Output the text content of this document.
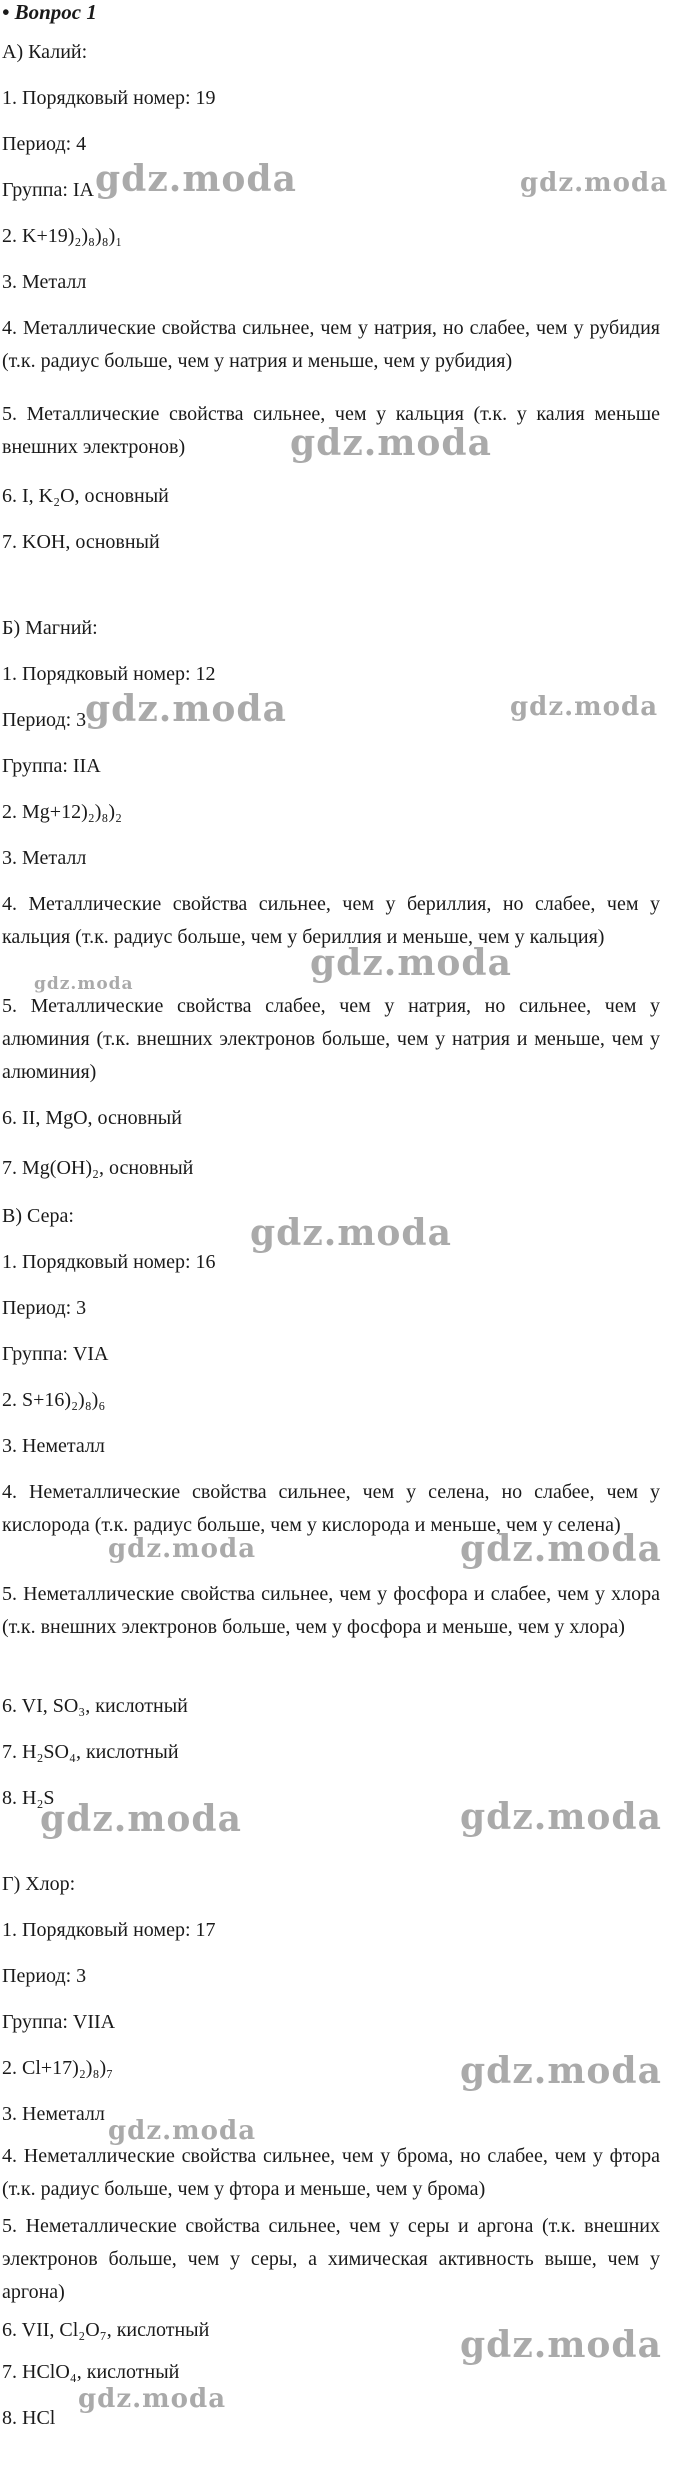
• Вопрос 1
А) Калий:
1. Порядковый номер: 19
Период: 4
Группа: IA
2. K+19)₂)₈)₈)₁
3. Металл
4. Металлические свойства сильнее, чем у натрия, но слабее, чем у рубидия (т.к. радиус больше, чем у натрия и меньше, чем у рубидия)
5. Металлические свойства сильнее, чем у кальция (т.к. у калия меньше внешних электронов)
6. I, K₂O, основный
7. KOH, основный
Б) Магний:
1. Порядковый номер: 12
Период: 3
Группа: IIA
2. Mg+12)₂)₈)₂
3. Металл
4. Металлические свойства сильнее, чем у бериллия, но слабее, чем у кальция (т.к. радиус больше, чем у бериллия и меньше, чем у кальция)
5. Металлические свойства слабее, чем у натрия, но сильнее, чем у алюминия (т.к. внешних электронов больше, чем у натрия и меньше, чем у алюминия)
6. II, MgO, основный
7. Mg(OH)₂, основный
В) Сера:
1. Порядковый номер: 16
Период: 3
Группа: VIA
2. S+16)₂)₈)₆
3. Неметалл
4. Неметаллические свойства сильнее, чем у селена, но слабее, чем у кислорода (т.к. радиус больше, чем у кислорода и меньше, чем у селена)
5. Неметаллические свойства сильнее, чем у фосфора и слабее, чем у хлора (т.к. внешних электронов больше, чем у фосфора и меньше, чем у хлора)
6. VI, SO₃, кислотный
7. H₂SO₄, кислотный
8. H₂S
Г) Хлор:
1. Порядковый номер: 17
Период: 3
Группа: VIIA
2. Cl+17)₂)₈)₇
3. Неметалл
4. Неметаллические свойства сильнее, чем у брома, но слабее, чем у фтора (т.к. радиус больше, чем у фтора и меньше, чем у брома)
5. Неметаллические свойства сильнее, чем у серы и аргона (т.к. внешних электронов больше, чем у серы, а химическая активность выше, чем у аргона)
6. VII, Cl₂O₇, кислотный
7. HClO₄, кислотный
8. HCl
gdz.moda	gdz.moda
gdz.moda
gdz.moda	gdz.moda
gdz.moda	gdz.moda
gdz.moda
gdz.moda	gdz.moda
gdz.moda	gdz.moda
gdz.moda
gdz.moda
gdz.moda
gdz.moda
